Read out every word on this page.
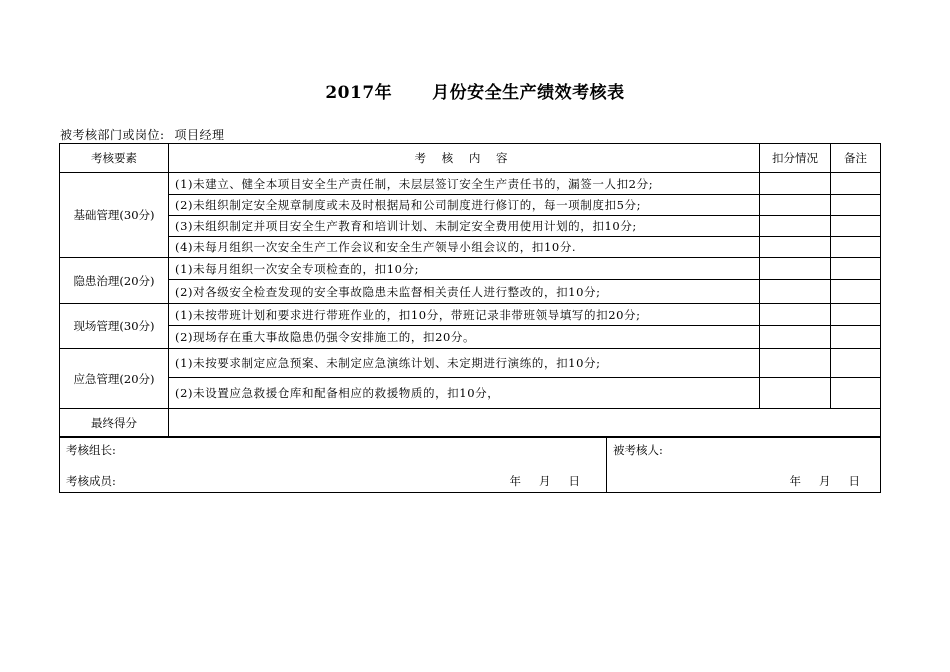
2017年 月份安全生产绩效考核表
被考核部门或岗位: 项目经理
考核要素	考 核 内 容	扣分情况	备注
基础管理(30分)	(1)未建立、健全本项目安全生产责任制，未层层签订安全生产责任书的，漏签一人扣2分;		
	(2)未组织制定安全规章制度或未及时根据局和公司制度进行修订的，每一项制度扣5分;		
	(3)未组织制定并项目安全生产教育和培训计划、未制定安全费用使用计划的，扣10分;		
	(4)未每月组织一次安全生产工作会议和安全生产领导小组会议的，扣10分.		
隐患治理(20分)	(1)未每月组织一次安全专项检查的，扣10分;		
	(2)对各级安全检查发现的安全事故隐患未监督相关责任人进行整改的，扣10分;		
现场管理(30分)	(1)未按带班计划和要求进行带班作业的，扣10分，带班记录非带班领导填写的扣20分;		
	(2)现场存在重大事故隐患仍强令安排施工的，扣20分。		
应急管理(20分)	(1)未按要求制定应急预案、未制定应急演练计划、未定期进行演练的，扣10分;		
	(2)未设置应急救援仓库和配备相应的救援物质的，扣10分，		
最终得分			
考核组长:
考核成员:	年 月 日

被考核人:
年 月 日
